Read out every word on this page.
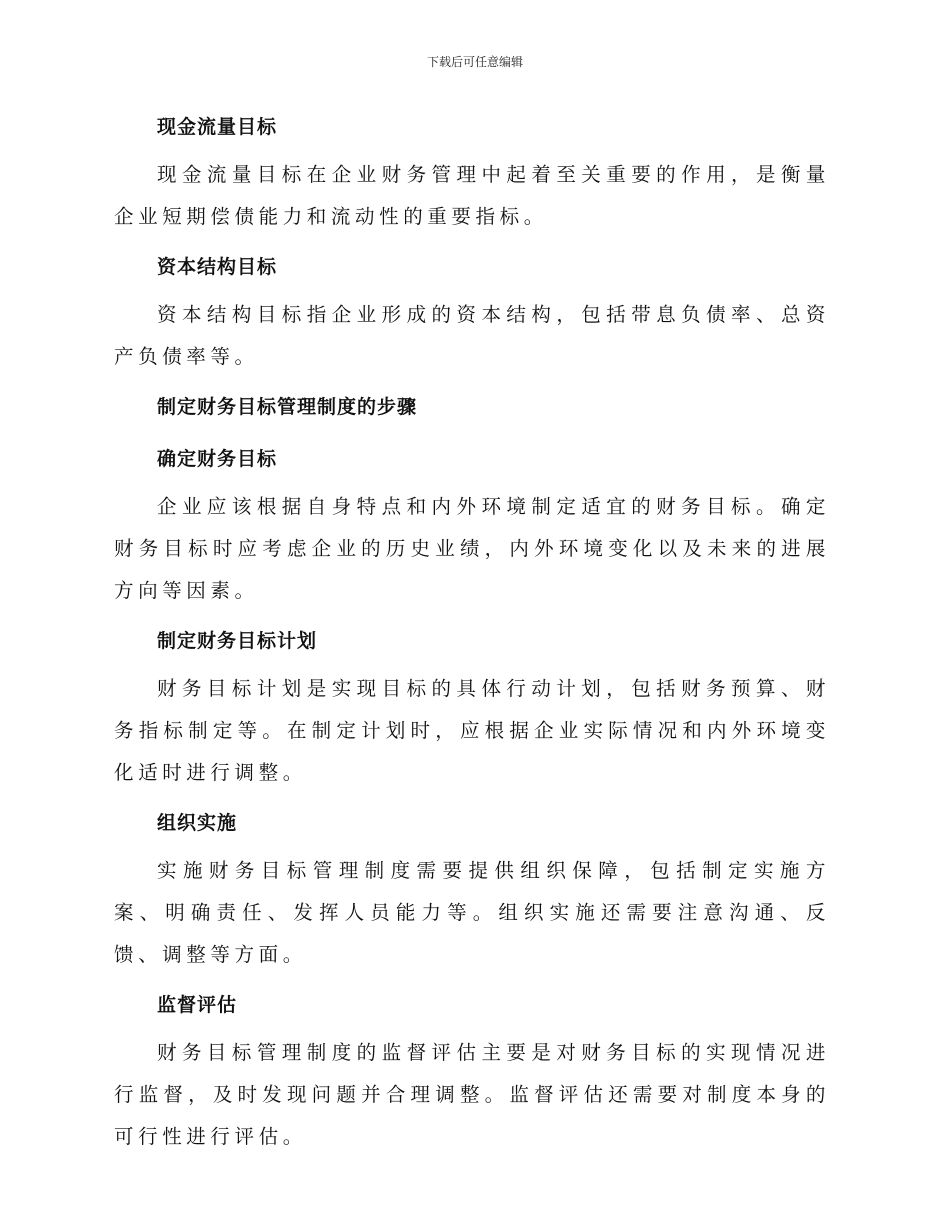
下载后可任意编辑

现金流量目标

现金流量目标在企业财务管理中起着至关重要的作用，是衡量企业短期偿债能力和流动性的重要指标。

资本结构目标

资本结构目标指企业形成的资本结构，包括带息负债率、总资产负债率等。

制定财务目标管理制度的步骤

确定财务目标

企业应该根据自身特点和内外环境制定适宜的财务目标。确定财务目标时应考虑企业的历史业绩，内外环境变化以及未来的进展方向等因素。

制定财务目标计划

财务目标计划是实现目标的具体行动计划，包括财务预算、财务指标制定等。在制定计划时，应根据企业实际情况和内外环境变化适时进行调整。

组织实施

实施财务目标管理制度需要提供组织保障，包括制定实施方案、明确责任、发挥人员能力等。组织实施还需要注意沟通、反馈、调整等方面。

监督评估

财务目标管理制度的监督评估主要是对财务目标的实现情况进行监督，及时发现问题并合理调整。监督评估还需要对制度本身的可行性进行评估。
